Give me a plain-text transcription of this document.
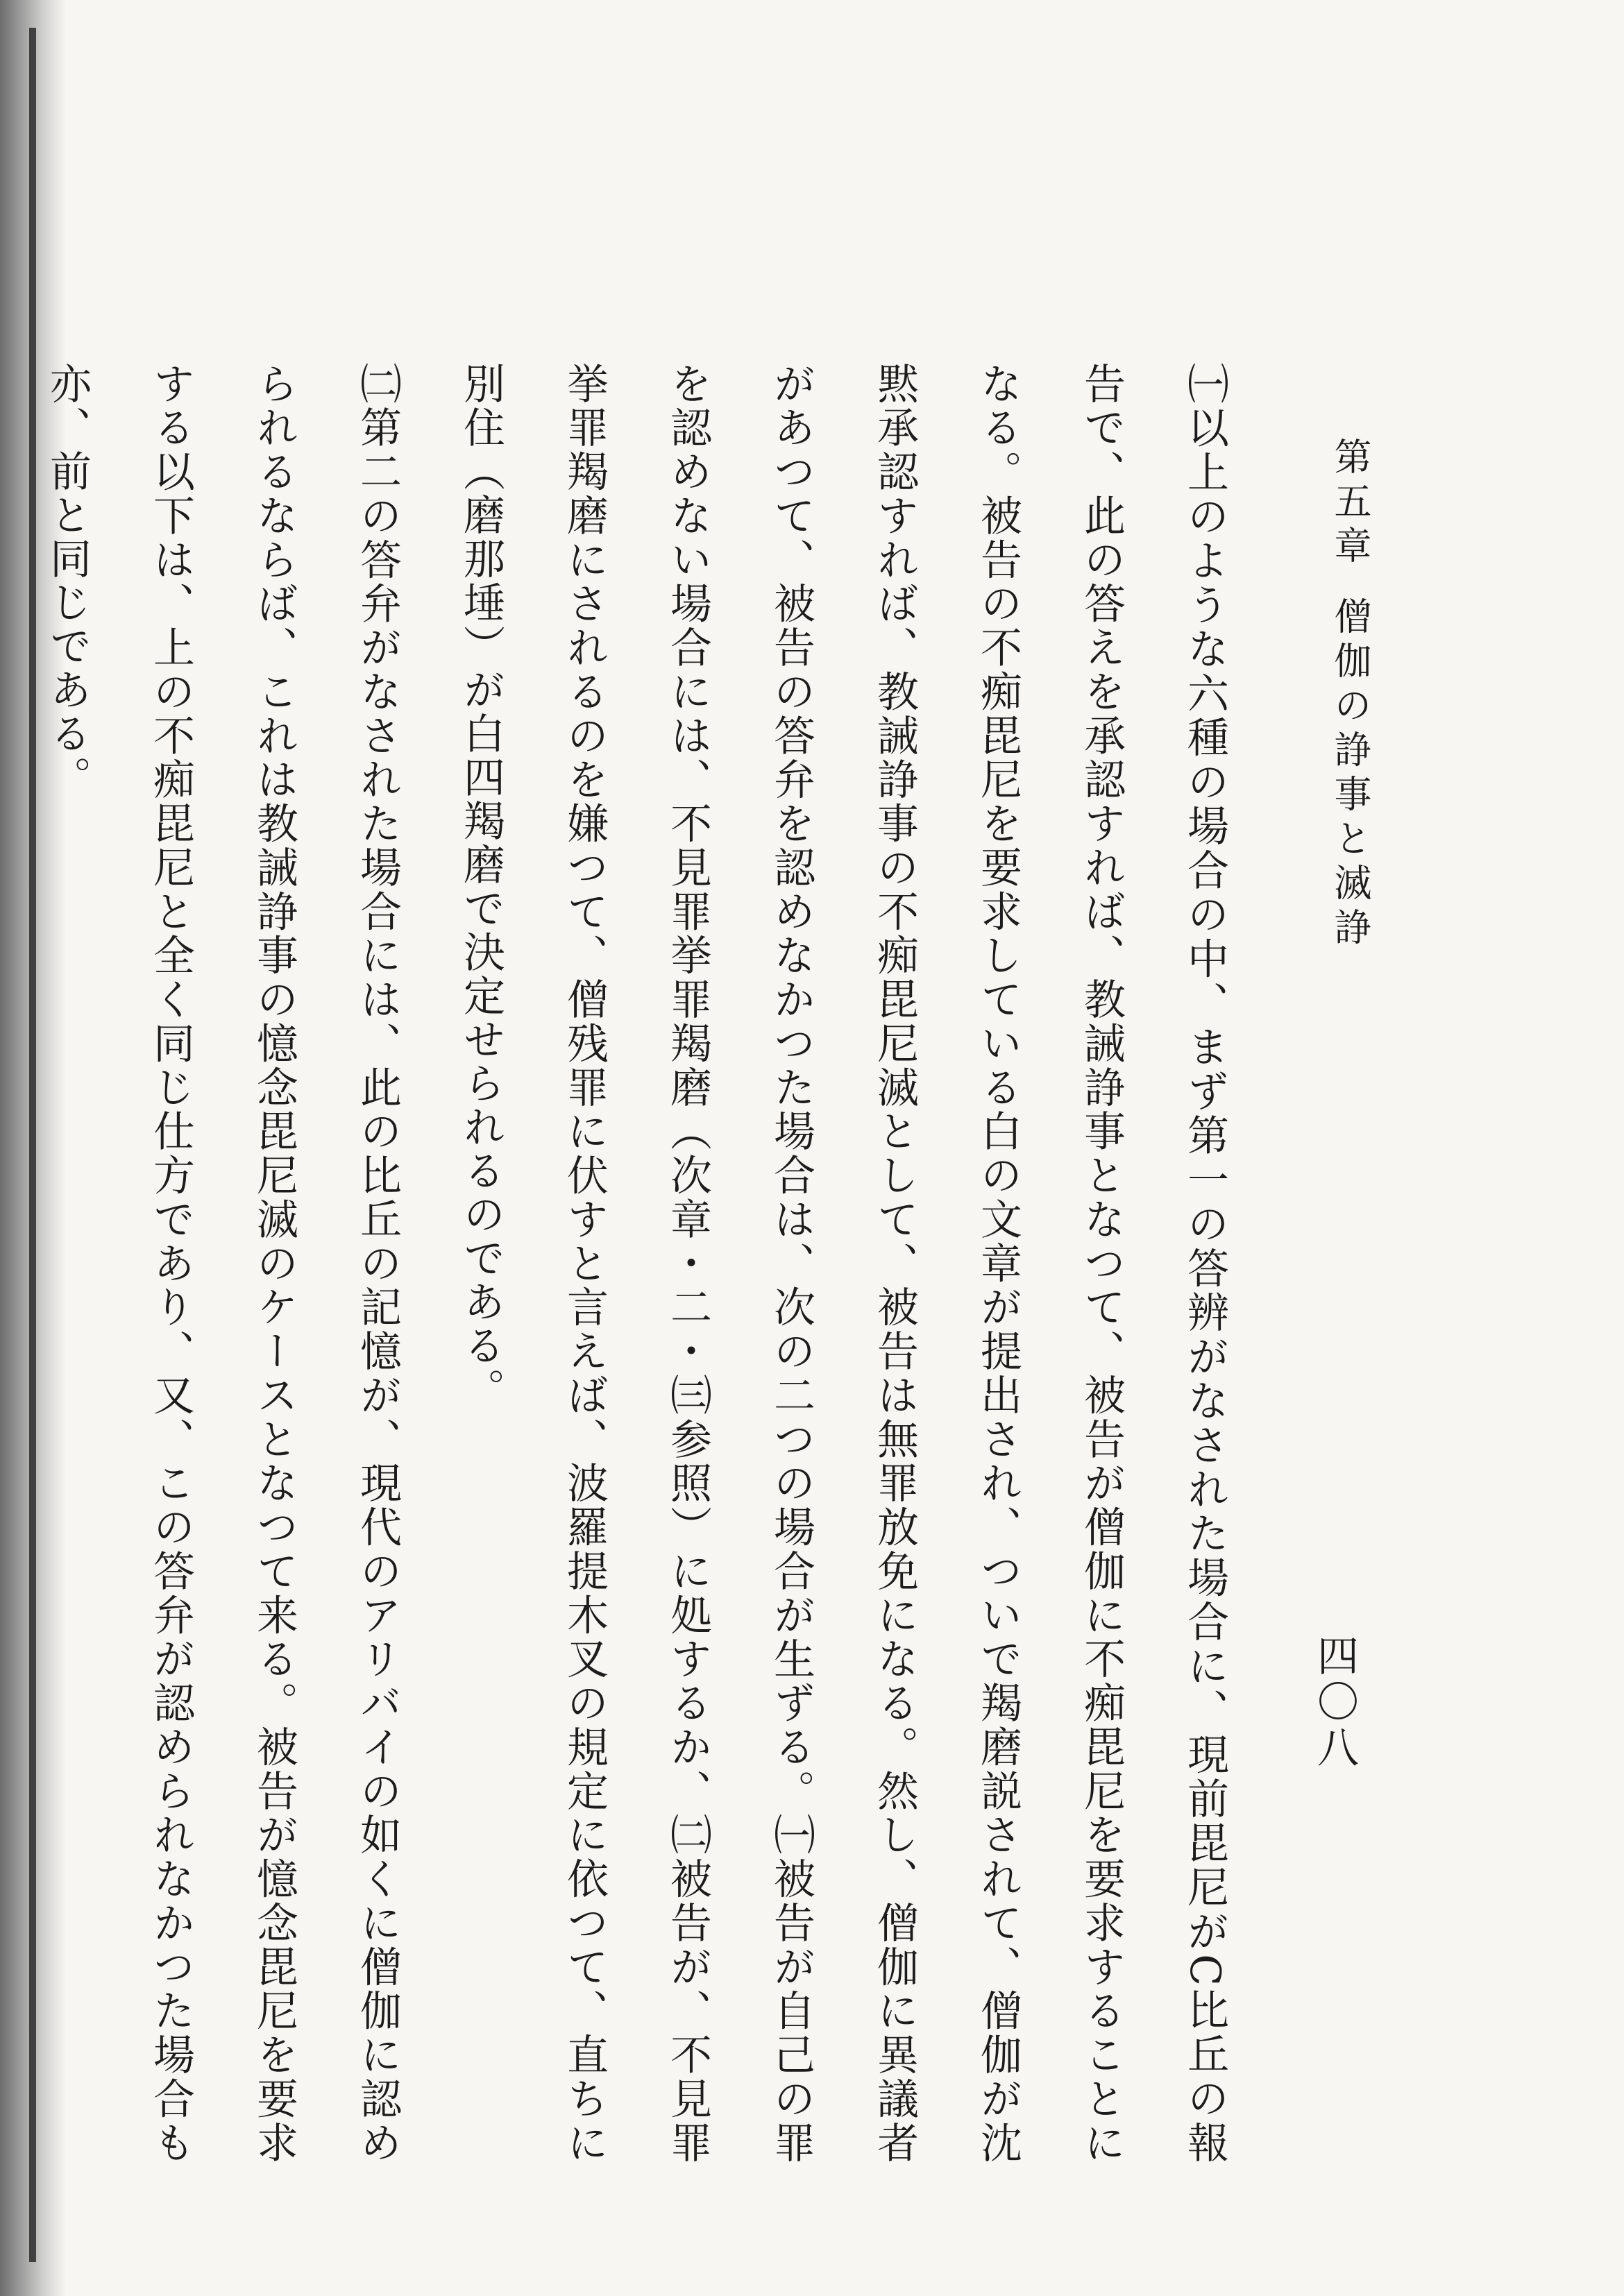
第五章
僧伽の諍事と滅諍
四〇八

㈠以上のような六種の場合の中、まず第一の答辨がなされた場合に、現前毘尼がC比丘の報告で、此の答えを承認すれば、教誡諍事となつて、被告が僧伽に不痴毘尼を要求することになる。被告の不痴毘尼を要求している白の文章が提出され、ついで羯磨説されて、僧伽が沈黙承認すれば、教誡諍事の不痴毘尼滅として、被告は無罪放免になる。然し、僧伽に異議者があつて、被告の答弁を認めなかつた場合は、次の二つの場合が生ずる。㈠被告が自己の罪を認めない場合には、不見罪挙罪羯磨（次章・二・㈢参照）に処するか、㈡被告が、不見罪挙罪羯磨にされるのを嫌つて、僧残罪に伏すと言えば、波羅提木叉の規定に依つて、直ちに別住（磨那埵）が白四羯磨で決定せられるのである。

㈡第二の答弁がなされた場合には、此の比丘の記憶が、現代のアリバイの如くに僧伽に認められるならば、これは教誡諍事の憶念毘尼滅のケースとなつて来る。被告が憶念毘尼を要求する以下は、上の不痴毘尼と全く同じ仕方であり、又、この答弁が認められなかつた場合も亦、前と同じである。
